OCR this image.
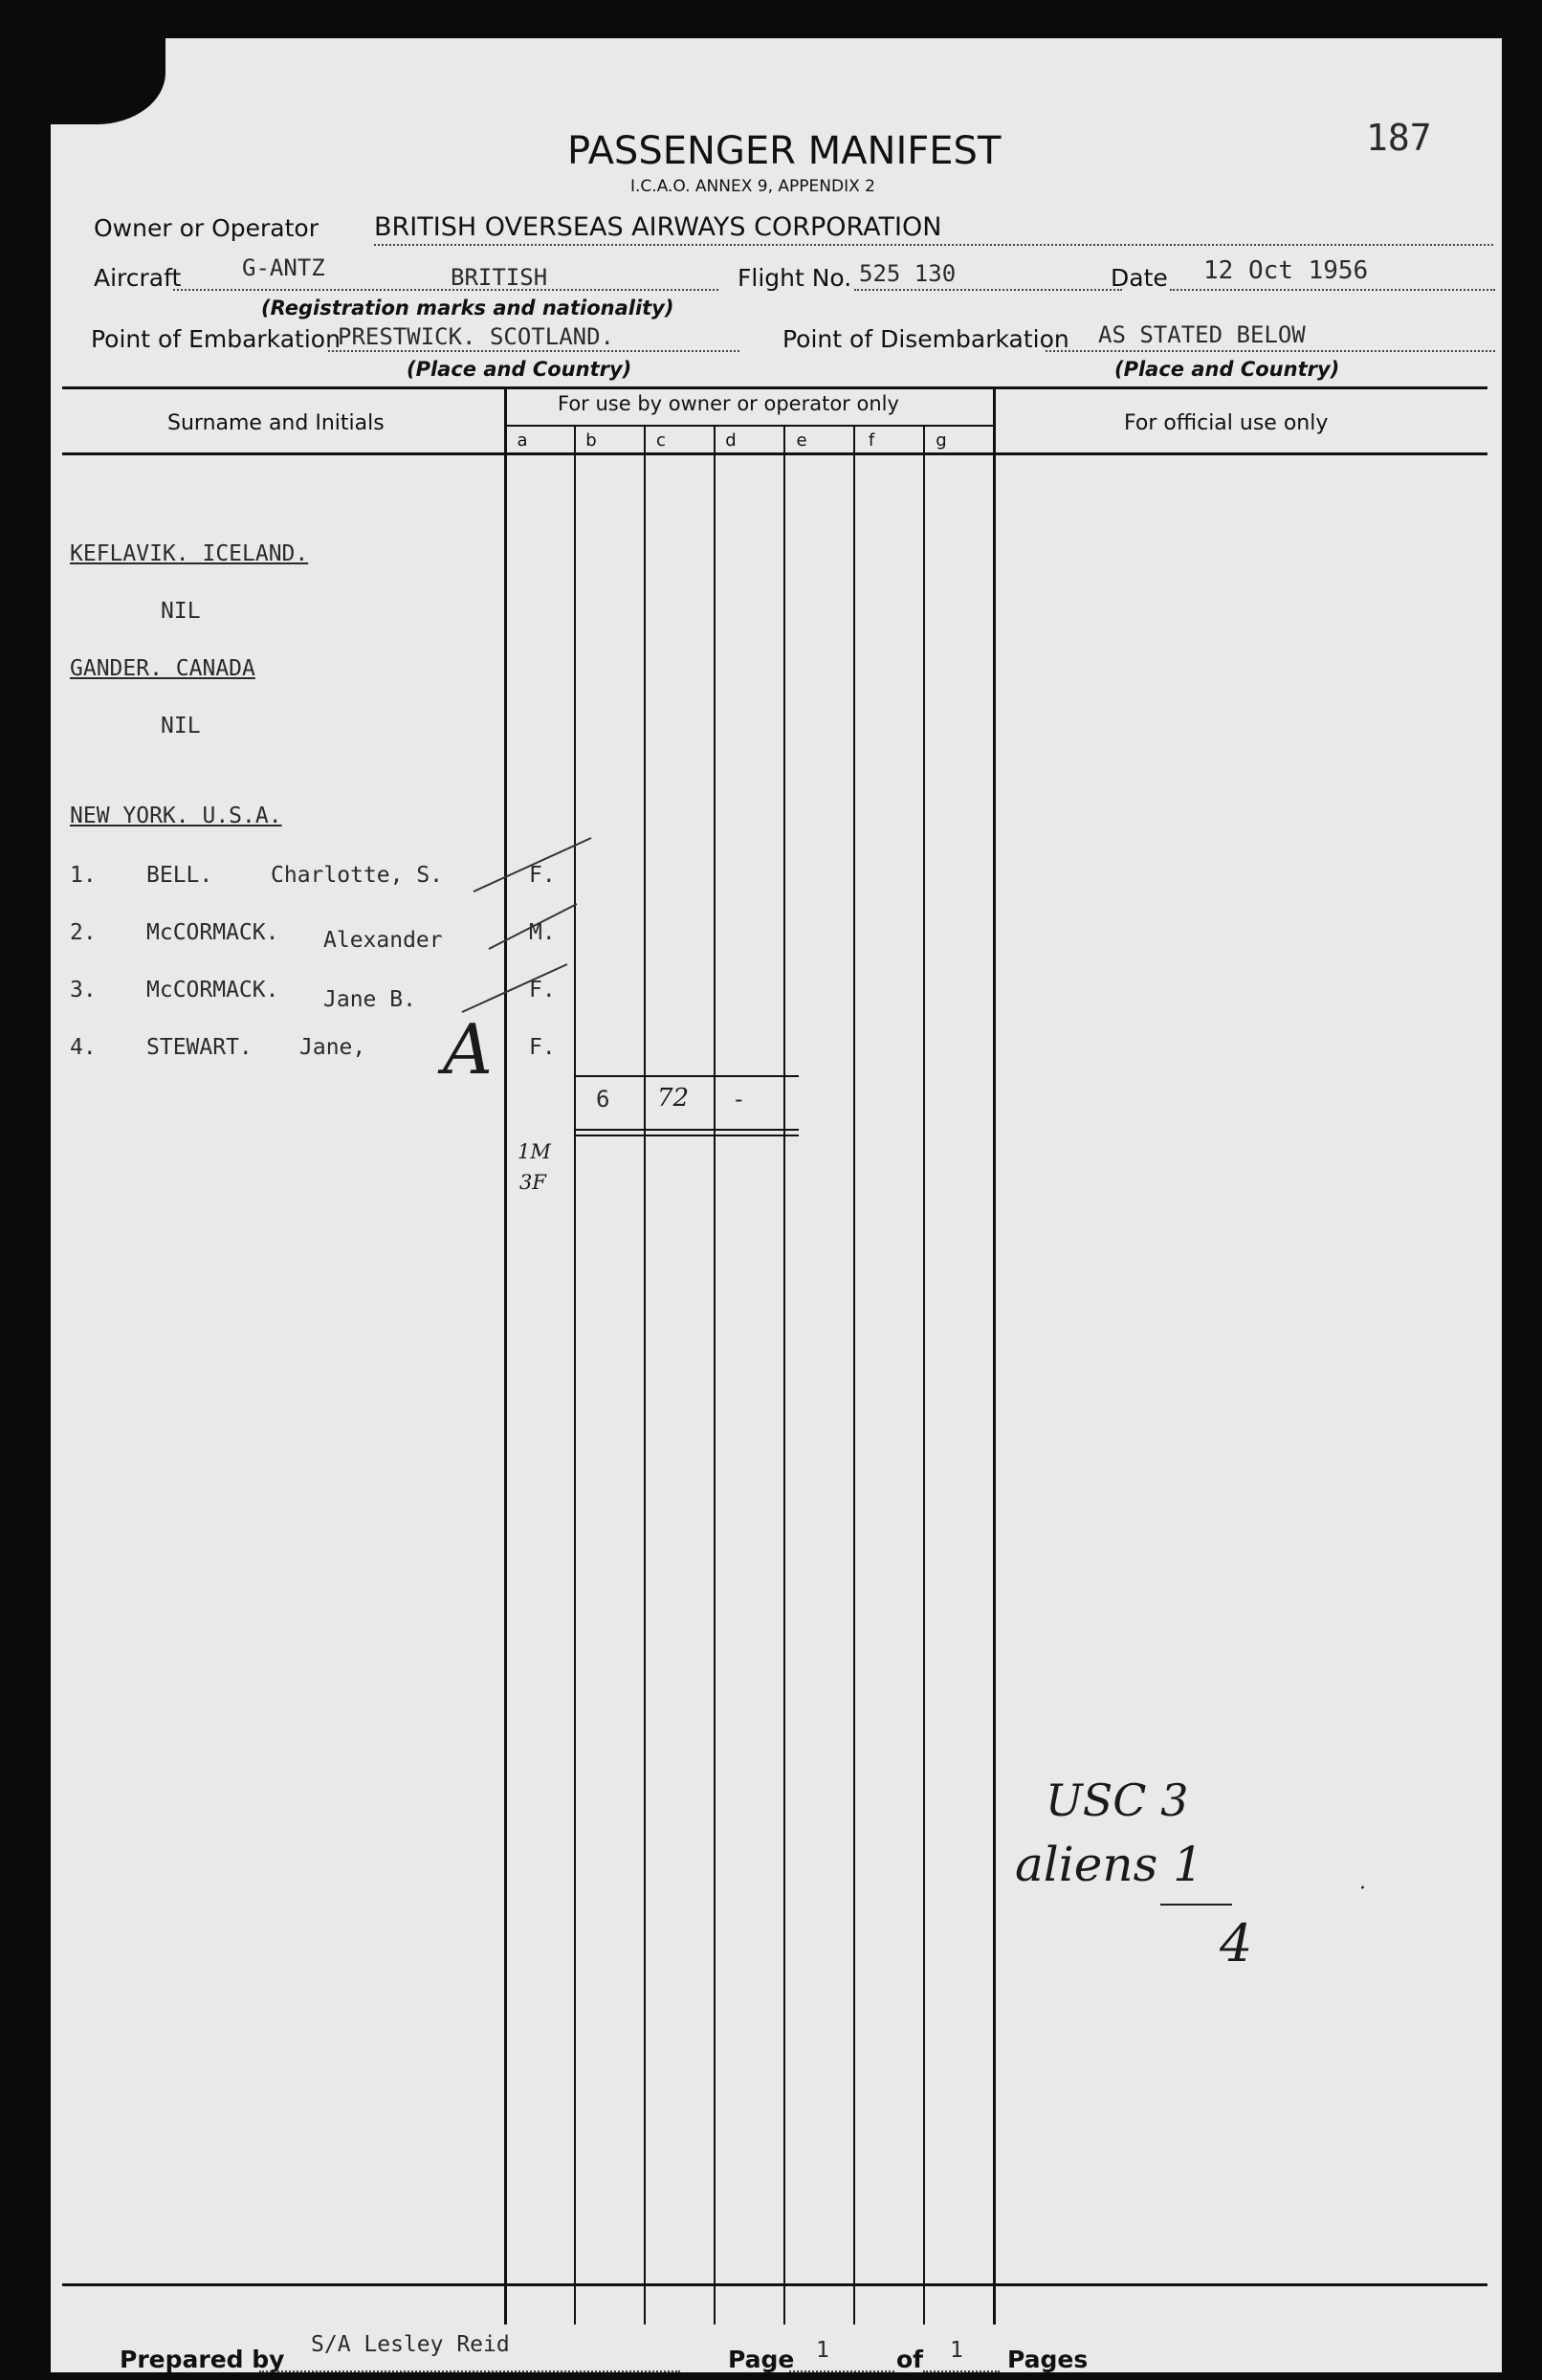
187
PASSENGER MANIFEST
I.C.A.O. ANNEX 9, APPENDIX 2
Owner or Operator BRITISH OVERSEAS AIRWAYS CORPORATION
Aircraft	G-ANTZ	BRITISH
(Registration marks and nationality)
Flight No. 525 130	Date 12 Oct 1956
Point of Embarkation
PRESTWICK. SCOTLAND.
(Place and Country)
Point of Disembarkation AS STATED BELOW
(Place and Country)
Surname and Initials
For use by owner or operator only
For official use only
a	b	c	d	e	f	g
KEFLAVIK. ICELAND.
NIL
GANDER. CANADA
NIL
NEW YORK. U.S.A.
1. BELL.	Charlotte, S.	F.
2. McCORMACK. Alexander	M.
3. McCORMACK. Jane B.	F.
4. STEWART. Jane,	F.
A
6 72 -
1M
3F
USC 3
aliens 1
4
·
Prepared by
S/A Lesley Reid
Page 1	of 1 Pages
